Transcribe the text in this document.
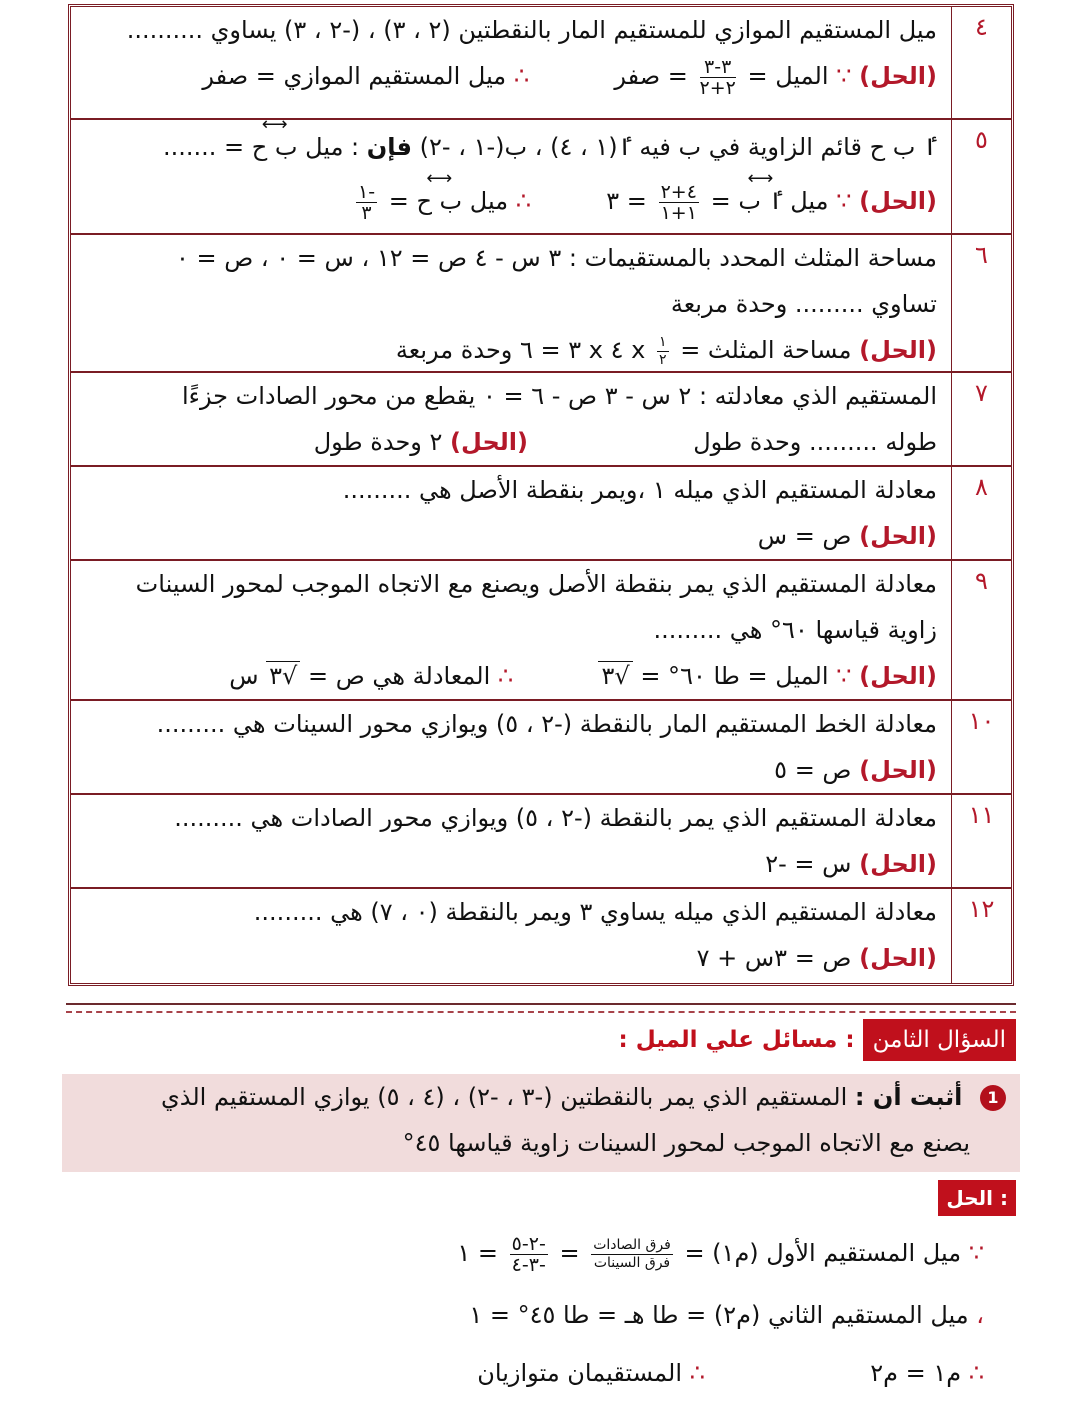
٤
ميل المستقيم الموازي للمستقيم المار بالنقطتين (٢ ، ٣) ، (-٢ ، ٣) يساوي ..........
(الحل) ∵ الميل =
$\frac{٣-٣}{٢+٢}$
= صفر  ∴ ميل المستقيم الموازي = صفر
٥
ٵ ب ح قائم الزاوية في ب فيه ٵ(١ ، ٤) ، ب(-١ ، -٢) فإن : ميل ⟷ ب ح = .......
(الحل) ∵ ميل ⟷ ٵ ب =
$\frac{٤+٢}{١+١}$
= ٣  ∴ ميل ⟷ ب ح =
$\frac{-١}{٣}$
٦
مساحة المثلث المحدد بالمستقيمات : ٣ س - ٤ ص = ١٢ ، س = ٠ ، ص = ٠
تساوي ......... وحدة مربعة
(الحل) مساحة المثلث =
$\frac{١}{٢}$
x ٤ x ٣ = ٦ وحدة مربعة
٧
المستقيم الذي معادلته : ٢ س - ٣ ص - ٦ = ٠ يقطع من محور الصادات جزءًا
طوله ......... وحدة طول  (الحل) ٢ وحدة طول
٨
معادلة المستقيم الذي ميله ١ ،ويمر بنقطة الأصل هي .........
(الحل) ص = س
٩
معادلة المستقيم الذي يمر بنقطة الأصل ويصنع مع الاتجاه الموجب لمحور السينات
زاوية قياسها ٦٠° هي .........
(الحل) ∵ الميل = طا ٦٠° = √٣  ∴ المعادلة هي ص = √٣ س
١٠
معادلة الخط المستقيم المار بالنقطة (-٢ ، ٥) ويوازي محور السينات هي .........
(الحل) ص = ٥
١١
معادلة المستقيم الذي يمر بالنقطة (-٢ ، ٥) ويوازي محور الصادات هي .........
(الحل) س = -٢
١٢
معادلة المستقيم الذي ميله يساوي ٣ ويمر بالنقطة (٠ ، ٧) هي .........
(الحل) ص = ٣س + ٧
السؤال الثامن
: مسائل علي الميل :
1 أثبت أن : المستقيم الذي يمر بالنقطتين (-٣ ، -٢) ، (٤ ، ٥) يوازي المستقيم الذي
يصنع مع الاتجاه الموجب لمحور السينات زاوية قياسها ٤٥°
الحل :
∵ ميل المستقيم الأول (م١) =
$\frac{\text{فرق الصادات}}{\text{فرق السينات}}$
=
$\frac{-٢-٥}{-٣-٤}$
= ١
، ميل المستقيم الثاني (م٢) = طا هـ = طا ٤٥° = ١
∴ م١ = م٢  ∴ المستقيمان متوازيان
